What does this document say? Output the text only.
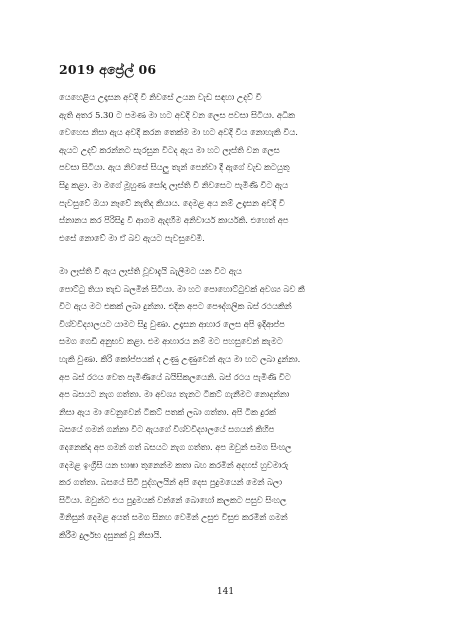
2019 අප්‍රේල් 06
යෙහෙළිය උදෑසන අවදි වී නිවසේ උයන වැඩ සඳහා උදව් වී
ඇති අතර 5.30 ට පමණ මා හට අවදි වන ලෙස පවසා සිටියා. අධික
වෙහෙස නිසා ඇය අවදි කරන තෙක්ම මා හට අවදි වීය නොහැකි විය.
ඇයට උදව් කරන්නට සැරසුන විටද ඇය මා හට ලෑස්ති වන ලෙස
පවසා සිටියා. ඇය නිවසේ සියලු තැන් පෙන්වා දී ඇගේ වැඩ කටයුතු
සිදු කළා. මා මගේ මූහුණ සෝදා ලෑස්ති වී නිවසෙට පැමිණි විට ඇය
පැවසුවේ ඔයා නෑවේ නැතිද කියාය. දෙමළ අය නම් උදෑසන අවදි වී
ස්නානය කර පිරිසිදු වී ආගම ඇදහීම අනිවාර්ය කාර්යකි. එහෙත් අප
එසේ නොවේ මා ඒ බව ඇයට පැවසුවෙමි.
මා ලෑස්ති වී ඇය ලෑස්ති වූවාදැයි බැලීමට යන විට ඇය
පොට්ටු තියා තැඩ බලමින් සිටියා. මා හට පොහොට්ටුවක් අවශ්‍ය බව කී
විට ඇය මට එකක් ලබා දුන්නා. එදින අපට පෞද්ගලික බස් රථයකින්
විශ්වවිද්‍යාලයට යාමට සිදු වුණා. උදෑසන ආහාර ලෙස අපි ඉදිආප්ප
සමග ගෙඩි අනුභව කළා. එම ආහාරය නම් මට පහසුවෙන් කැමට
හැකි වුණා. කිරි කෝප්පයක් ද උණු උණුවෙන් ඇය මා හට ලබා දුන්නා.
අප බස් රථය වෙත පැමිණියේ බයිසිකලයෙනි. බස් රථය පැමිණි විට
අප බසයට නැග ගත්තා. මා අවශ්‍ය තැනට ටිකට් ගැනීමට නොදන්නා
නිසා ඇය මා වෙනුවෙන් ටිකට් පතක් ලබා ගත්තා. අපි ටික දුරක්
බසයේ ගමන් ගන්නා විට ඇයගේ විශ්වවිද්‍යාලයේ සගයන් කිහිප
දෙනෙක්ද අප ගමන් ගත් බසයට නැග ගත්තා. අප ඔවුන් සමග සිංහල
දෙමළ ඉංග්‍රීසි යන භාෂා තුනෙන්ම කතා බහ කරමින් අදහස් හුවමාරු
කර ගත්තා. බසයේ සිටි පුද්ගලයින් අපි දෙස පුදුමයෙන් මෙන් බලා
සිටියා. ඔවුන්ට එය පුදුමයක් වන්නේ බොහෝ කලකට පසුව සිංහල
මිනිසුන් දෙමළ අයත් සමග සිනහ වෙමින් උසුළු විසුළු කරමින් ගමන්
කිරීම දුර්ලභ දසුනක් වූ නිසායි.
141
